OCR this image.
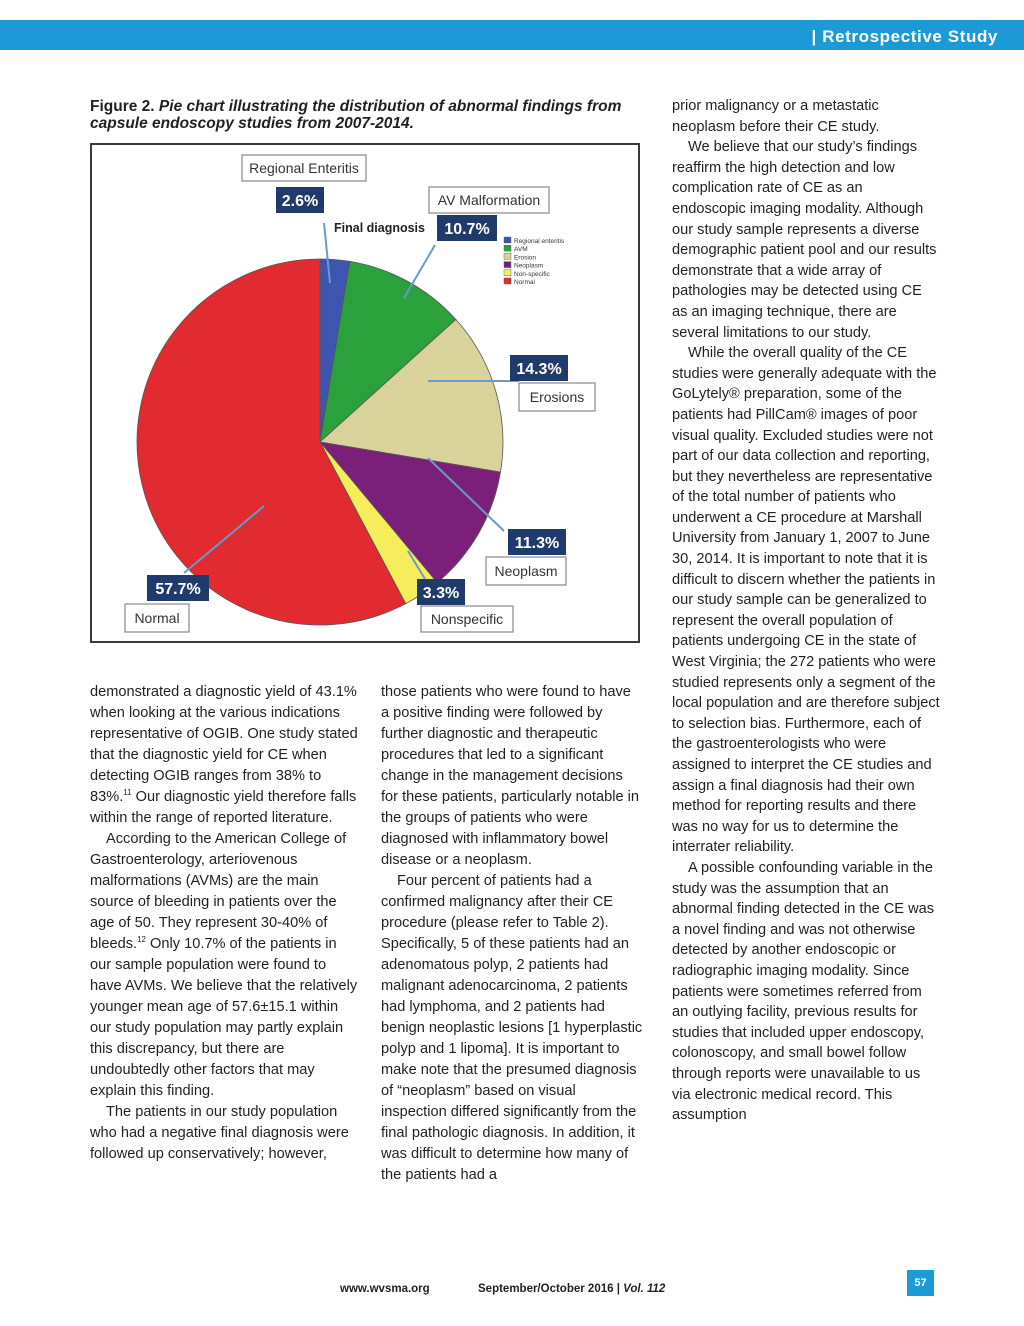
| Retrospective Study
Figure 2. Pie chart illustrating the distribution of abnormal findings from capsule endoscopy studies from 2007-2014.
2.6%
Regional Enteritis
10.7%
AV Malformation
14.3%
Erosions
11.3%
Neoplasm
3.3%
Nonspecific
57.7%
Normal
Final diagnosis
Regional enteritis
AVM
Erosion
Neoplasm
Non-specific
Normal

demonstrated a diagnostic yield of 43.1% when looking at the various indications representative of OGIB. One study stated that the diagnostic yield for CE when detecting OGIB ranges from 38% to 83%.$^{11}$ Our diagnostic yield therefore falls within the range of reported literature.

According to the American College of Gastroenterology, arteriovenous malformations (AVMs) are the main source of bleeding in patients over the age of 50. They represent 30-40% of bleeds.$^{12}$ Only 10.7% of the patients in our sample population were found to have AVMs. We believe that the relatively younger mean age of 57.6±15.1 within our study population may partly explain this discrepancy, but there are undoubtedly other factors that may explain this finding.

The patients in our study population who had a negative final diagnosis were followed up conservatively; however,

those patients who were found to have a positive finding were followed by further diagnostic and therapeutic procedures that led to a significant change in the management decisions for these patients, particularly notable in the groups of patients who were diagnosed with inflammatory bowel disease or a neoplasm.

Four percent of patients had a confirmed malignancy after their CE procedure (please refer to Table 2). Specifically, 5 of these patients had an adenomatous polyp, 2 patients had malignant adenocarcinoma, 2 patients had lymphoma, and 2 patients had benign neoplastic lesions [1 hyperplastic polyp and 1 lipoma]. It is important to make note that the presumed diagnosis of “neoplasm” based on visual inspection differed significantly from the final pathologic diagnosis. In addition, it was difficult to determine how many of the patients had a

prior malignancy or a metastatic neoplasm before their CE study.

We believe that our study’s findings reaffirm the high detection and low complication rate of CE as an endoscopic imaging modality. Although our study sample represents a diverse demographic patient pool and our results demonstrate that a wide array of pathologies may be detected using CE as an imaging technique, there are several limitations to our study.

While the overall quality of the CE studies were generally adequate with the GoLytely® preparation, some of the patients had PillCam® images of poor visual quality. Excluded studies were not part of our data collection and reporting, but they nevertheless are representative of the total number of patients who underwent a CE procedure at Marshall University from January 1, 2007 to June 30, 2014. It is important to note that it is difficult to discern whether the patients in our study sample can be generalized to represent the overall population of patients undergoing CE in the state of West Virginia; the 272 patients who were studied represents only a segment of the local population and are therefore subject to selection bias. Furthermore, each of the gastroenterologists who were assigned to interpret the CE studies and assign a final diagnosis had their own method for reporting results and there was no way for us to determine the interrater reliability.

A possible confounding variable in the study was the assumption that an abnormal finding detected in the CE was a novel finding and was not otherwise detected by another endoscopic or radiographic imaging modality. Since patients were sometimes referred from an outlying facility, previous results for studies that included upper endoscopy, colonoscopy, and small bowel follow through reports were unavailable to us via electronic medical record. This assumption

www.wvsma.org	September/October 2016 | Vol. 112	57
